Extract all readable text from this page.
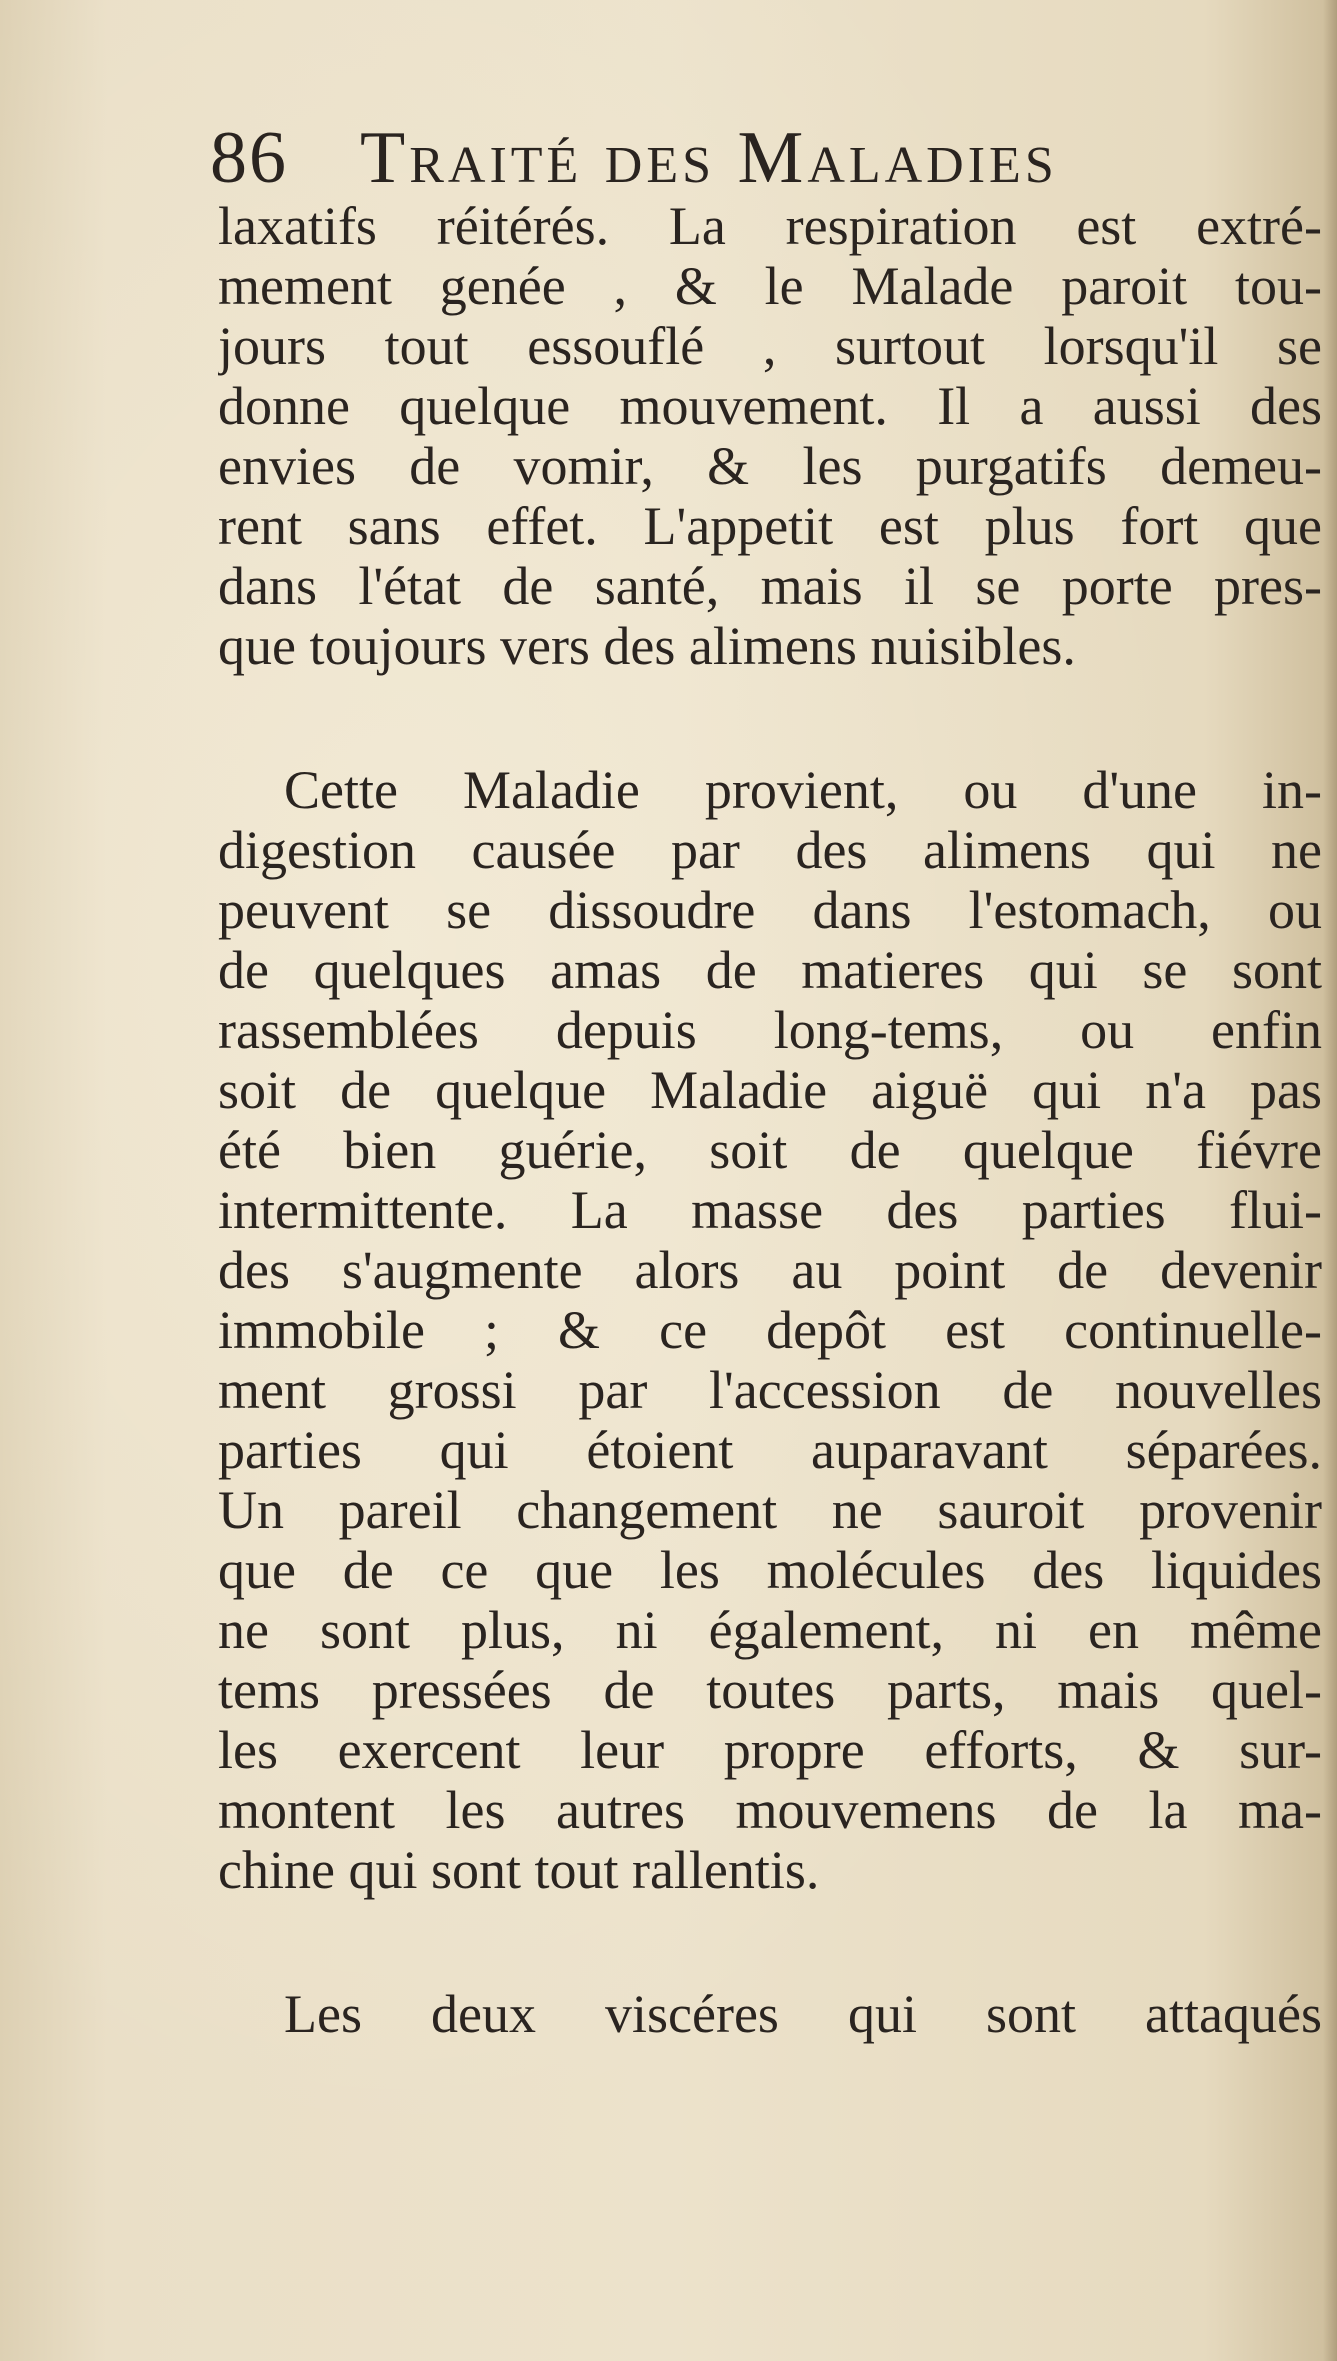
86 Traité des Maladies
laxatifs réitérés. La respiration est extré-
mement genée , & le Malade paroit tou-
jours tout essouflé , surtout lorsqu'il se
donne quelque mouvement. Il a aussi des
envies de vomir, & les purgatifs demeu-
rent sans effet. L'appetit est plus fort que
dans l'état de santé, mais il se porte pres-
que toujours vers des alimens nuisibles.
Cette Maladie provient, ou d'une in-
digestion causée par des alimens qui ne
peuvent se dissoudre dans l'estomach, ou
de quelques amas de matieres qui se sont
rassemblées depuis long-tems, ou enfin
soit de quelque Maladie aiguë qui n'a pas
été bien guérie, soit de quelque fiévre
intermittente. La masse des parties flui-
des s'augmente alors au point de devenir
immobile ; & ce depôt est continuelle-
ment grossi par l'accession de nouvelles
parties qui étoient auparavant séparées.
Un pareil changement ne sauroit provenir
que de ce que les molécules des liquides
ne sont plus, ni également, ni en même
tems pressées de toutes parts, mais quel-
les exercent leur propre efforts, & sur-
montent les autres mouvemens de la ma-
chine qui sont tout rallentis.
Les deux viscéres qui sont attaqués
